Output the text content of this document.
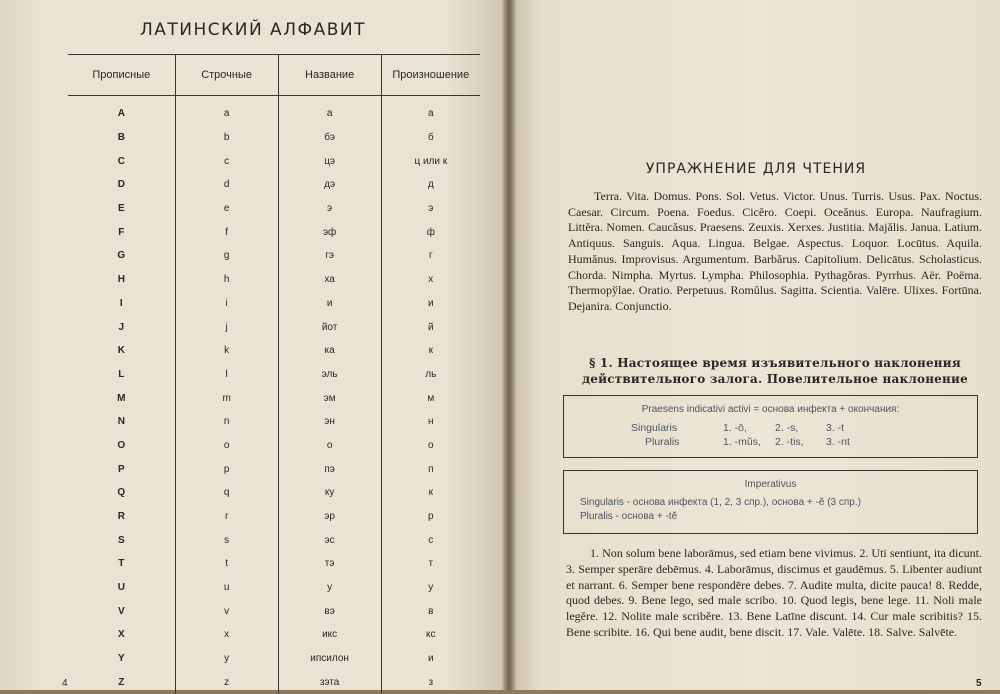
ЛАТИНСКИЙ АЛФАВИТ
Прописные	Строчные	Название	Произношение
A	a	а	а
B	b	бэ	б
C	c	цэ	ц или к
D	d	дэ	д
E	e	э	э
F	f	эф	ф
G	g	гэ	г
H	h	ха	х
I	i	и	и
J	j	йот	й
K	k	ка	к
L	l	эль	ль
M	m	эм	м
N	n	эн	н
O	o	о	о
P	p	пэ	п
Q	q	ку	к
R	r	эр	р
S	s	эс	с
T	t	тэ	т
U	u	у	у
V	v	вэ	в
X	x	икс	кс
Y	y	ипсилон	и
Z	z	зэта	з
4
УПРАЖНЕНИЕ ДЛЯ ЧТЕНИЯ

Terra. Vita. Domus. Pons. Sol. Vetus. Victor. Unus. Turris. Usus. Pax. Noctus. Caesar. Circum. Poena. Foedus. Cicĕro. Coepi. Oceănus. Europa. Naufragium. Littĕra. Nomen. Caucăsus. Praesens. Zeuxis. Xerxes. Justitia. Majălis. Janua. Latium. Antiquus. Sanguis. Aqua. Lingua. Belgae. Aspectus. Loquor. Locūtus. Aquila. Humănus. Improvisus. Argumentum. Barbărus. Capitolium. Delicātus. Scholasticus. Chorda. Nimpha. Myrtus. Lympha. Philosophia. Pythagŏras. Pyrrhus. Aёr. Poёma. Thermopўlae. Oratio. Perpetuus. Romŭlus. Sagitta. Scientia. Valēre. Ulixes. Fortūna. Dejanira. Conjunctio.

§ 1. Настоящее время изъявительного наклонения
действительного залога. Повелительное наклонение
Praesens indicativi activi = основа инфекта + окончания:
Singularis	1. -ō,	2. -s,	3. -t
Pluralis	1. -mŭs, 2. -tis, 3. -nt
Imperativus
Singularis - основа инфекта (1, 2, 3 спр.), основа + -ĕ (3 спр.)
Pluralis - основа + -tĕ

1. Non solum bene laborāmus, sed etiam bene vivimus. 2. Uti sentiunt, ita dicunt. 3. Semper sperāre debēmus. 4. Laborāmus, discimus et gaudēmus. 5. Libenter audiunt et narrant. 6. Semper bene respondēre debes. 7. Audite multa, dicite pauca! 8. Redde, quod debes. 9. Bene lego, sed male scribo. 10. Quod legis, bene lege. 11. Noli male legĕre. 12. Nolite male scribĕre. 13. Bene Latīne discunt. 14. Cur male scribitis? 15. Bene scribite. 16. Qui bene audit, bene discit. 17. Vale. Valēte. 18. Salve. Salvēte.

5
